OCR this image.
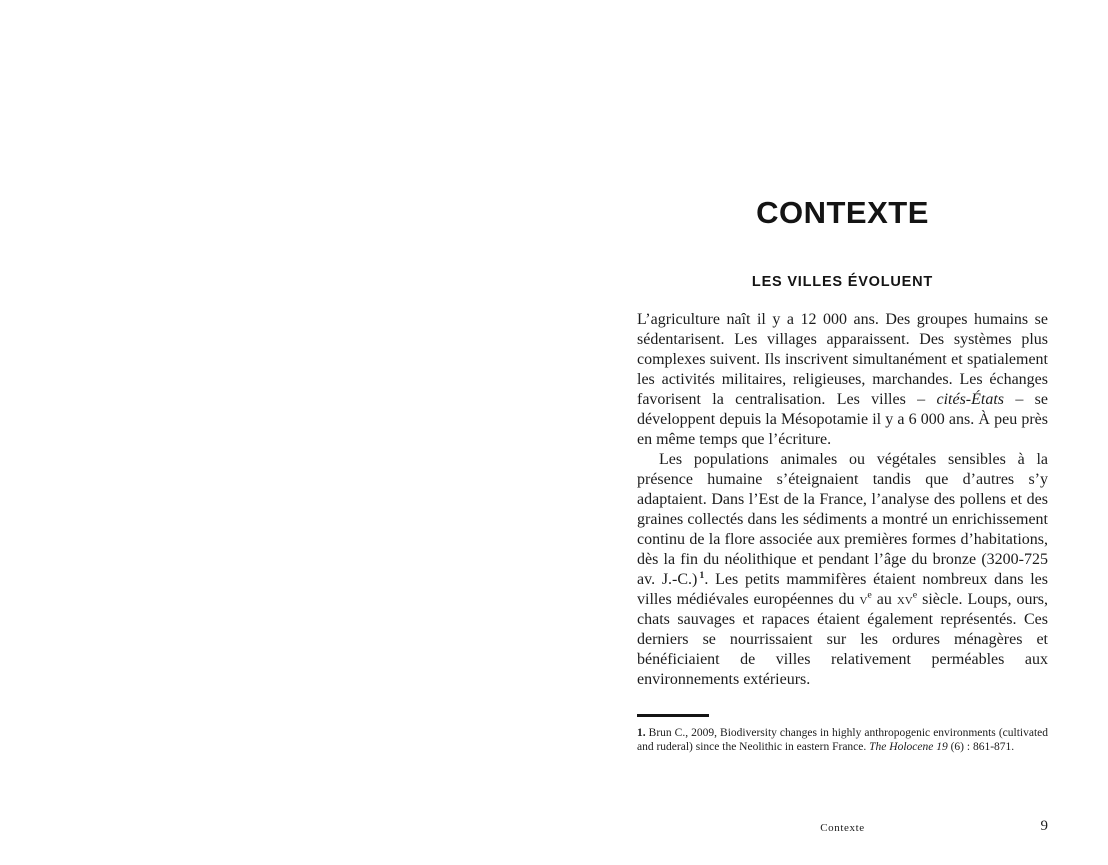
CONTEXTE
LES VILLES ÉVOLUENT

L’agriculture naît il y a 12 000 ans. Des groupes humains se sédentarisent. Les villages apparaissent. Des systèmes plus complexes suivent. Ils inscrivent simultanément et spatialement les activités militaires, religieuses, marchandes. Les échanges favorisent la centralisation. Les villes – cités-États – se développent depuis la Mésopotamie il y a 6 000 ans. À peu près en même temps que l’écriture.

Les populations animales ou végétales sensibles à la présence humaine s’éteignaient tandis que d’autres s’y adaptaient. Dans l’Est de la France, l’analyse des pollens et des graines collectés dans les sédiments a montré un enrichissement continu de la flore associée aux premières formes d’habitations, dès la fin du néolithique et pendant l’âge du bronze (3200-725 av. J.-C.) $^1$. Les petits mammifères étaient nombreux dans les villes médiévales européennes du $v^e$ au $xv^e$ siècle. Loups, ours, chats sauvages et rapaces étaient également représentés. Ces derniers se nourrissaient sur les ordures ménagères et bénéficiaient de villes relativement perméables aux environnements extérieurs.

1. Brun C., 2009, Biodiversity changes in highly anthropogenic environments (cultivated and ruderal) since the Neolithic in eastern France. The Holocene 19 (6) : 861-871.

Contexte	9
